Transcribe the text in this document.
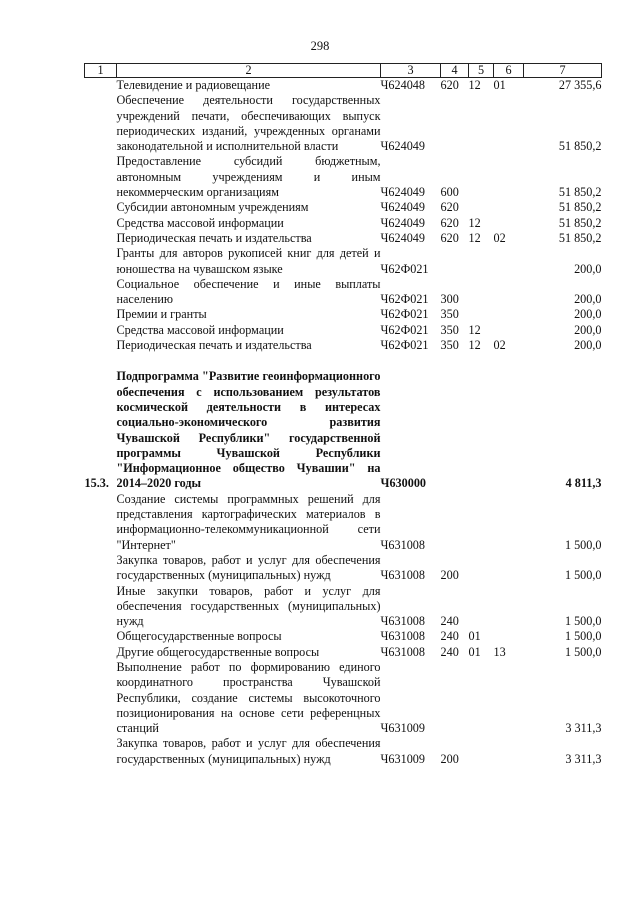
298
1	2	3	4	5	6	7
	Телевидение и радиовещание	Ч624048	620	12	01	27 355,6
	Обеспечение деятельности государственных учреждений печати, обеспечивающих выпуск периодических изданий, учрежденных органами законодательной и исполнительной власти	Ч624049				51 850,2
	Предоставление субсидий бюджетным, автономным учреждениям и иным некоммерческим организациям	Ч624049	600			51 850,2
	Субсидии автономным учреждениям	Ч624049	620			51 850,2
	Средства массовой информации	Ч624049	620	12		51 850,2
	Периодическая печать и издательства	Ч624049	620	12	02	51 850,2
	Гранты для авторов рукописей книг для детей и юношества на чувашском языке	Ч62Ф021				200,0
	Социальное обеспечение и иные выплаты населению	Ч62Ф021	300			200,0
	Премии и гранты	Ч62Ф021	350			200,0
	Средства массовой информации	Ч62Ф021	350	12		200,0
	Периодическая печать и издательства	Ч62Ф021	350	12	02	200,0

15.3.	Подпрограмма "Развитие геоинформационного обеспечения с использованием результатов космической деятельности в интересах социально-экономического развития Чувашской Республики" государственной программы Чувашской Республики "Информационное общество Чувашии" на 2014–2020 годы	Ч630000				4 811,3
	Создание системы программных решений для представления картографических материалов в информационно-телекоммуникационной сети "Интернет"	Ч631008				1 500,0
	Закупка товаров, работ и услуг для обеспечения государственных (муниципальных) нужд	Ч631008	200			1 500,0
	Иные закупки товаров, работ и услуг для обеспечения государственных (муниципальных) нужд	Ч631008	240			1 500,0
	Общегосударственные вопросы	Ч631008	240	01		1 500,0
	Другие общегосударственные вопросы	Ч631008	240	01	13	1 500,0
	Выполнение работ по формированию единого координатного пространства Чувашской Республики, создание системы высокоточного позиционирования на основе сети референцных станций	Ч631009				3 311,3
	Закупка товаров, работ и услуг для обеспечения государственных (муниципальных) нужд	Ч631009	200			3 311,3
